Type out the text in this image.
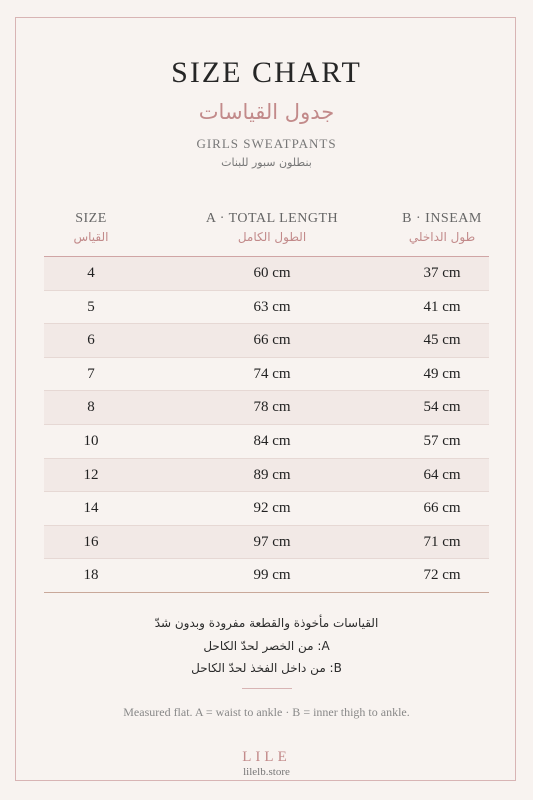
SIZE CHART
جدول القياسات
GIRLS SWEATPANTS
بنطلون سبور للبنات
SIZE
القياس
A · TOTAL LENGTH
الطول الكامل
B · INSEAM
طول الداخلي
4	60 cm	37 cm
5	63 cm	41 cm
6	66 cm	45 cm
7	74 cm	49 cm
8	78 cm	54 cm
10	84 cm	57 cm
12	89 cm	64 cm
14	92 cm	66 cm
16	97 cm	71 cm
18	99 cm	72 cm
القياسات مأخوذة والقطعة مفرودة وبدون شدّ
A: من الخصر لحدّ الكاحل
B: من داخل الفخذ لحدّ الكاحل
Measured flat. A = waist to ankle · B = inner thigh to ankle.
LILE
lilelb.store
